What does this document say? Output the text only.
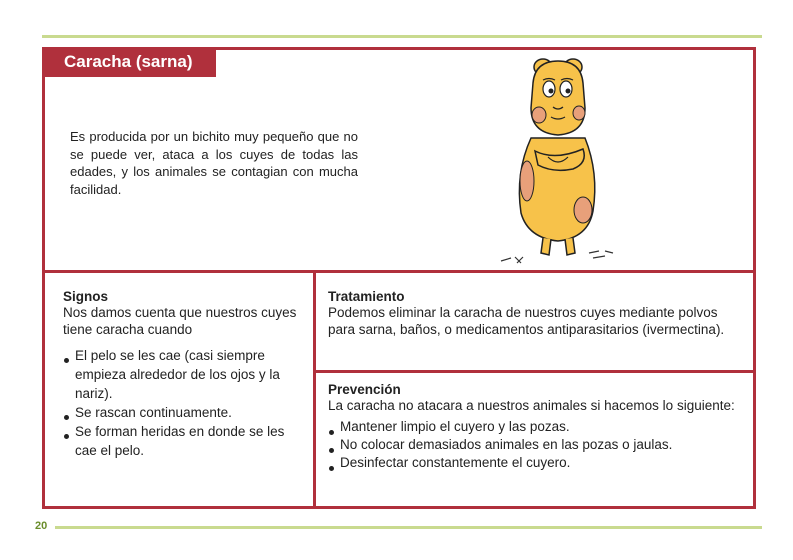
Caracha (sarna)
Es producida por un bichito muy pequeño que no se puede ver, ataca a los cuyes de todas las edades, y los animales se contagian con mucha facilidad.
Signos
Nos damos cuenta que nuestros cuyes tiene caracha cuando
El pelo se les cae (casi siempre empieza alrededor de los ojos y la nariz).
Se rascan continuamente.
Se forman heridas en donde se les cae el pelo.
Tratamiento
Podemos eliminar la caracha de nuestros cuyes mediante polvos para sarna, baños, o medicamentos antiparasitarios (ivermectina).
Prevención
La caracha no atacara a nuestros animales si hacemos lo siguiente:
Mantener limpio el cuyero y las pozas.
No colocar demasiados animales en las pozas o jaulas.
Desinfectar constantemente el cuyero.
20
